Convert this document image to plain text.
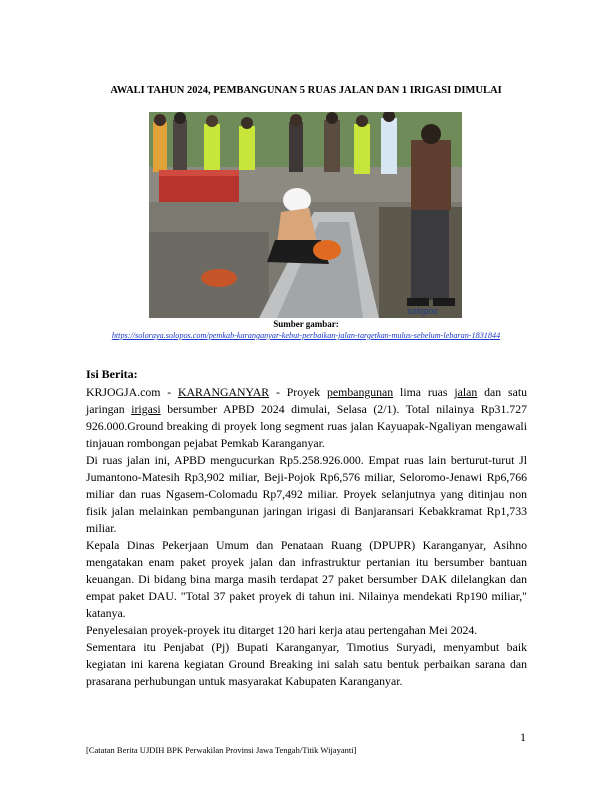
AWALI TAHUN 2024, PEMBANGUNAN 5 RUAS JALAN DAN 1 IRIGASI DIMULAI
solopos
Sumber gambar:
https://soloraya.solopos.com/pemkab-karanganyar-kebut-perbaikan-jalan-targetkan-mulus-sebelum-lebaran-1831844
Isi Berita:

KRJOGJA.com - KARANGANYAR - Proyek pembangunan lima ruas jalan dan satu jaringan irigasi bersumber APBD 2024 dimulai, Selasa (2/1). Total nilainya Rp31.727 926.000.Ground breaking di proyek long segment ruas jalan Kayuapak-Ngaliyan mengawali tinjauan rombongan pejabat Pemkab Karanganyar.

Di ruas jalan ini, APBD mengucurkan Rp5.258.926.000. Empat ruas lain berturut-turut Jl Jumantono-Matesih Rp3,902 miliar, Beji-Pojok Rp6,576 miliar, Seloromo-Jenawi Rp6,766 miliar dan ruas Ngasem-Colomadu Rp7,492 miliar. Proyek selanjutnya yang ditinjau non fisik jalan melainkan pembangunan jaringan irigasi di Banjaransari Kebakkramat Rp1,733 miliar.

Kepala Dinas Pekerjaan Umum dan Penataan Ruang (DPUPR) Karanganyar, Asihno mengatakan enam paket proyek jalan dan infrastruktur pertanian itu bersumber bantuan keuangan. Di bidang bina marga masih terdapat 27 paket bersumber DAK dilelangkan dan empat paket DAU. "Total 37 paket proyek di tahun ini. Nilainya mendekati Rp190 miliar," katanya.

Penyelesaian proyek-proyek itu ditarget 120 hari kerja atau pertengahan Mei 2024.

Sementara itu Penjabat (Pj) Bupati Karanganyar, Timotius Suryadi, menyambut baik kegiatan ini karena kegiatan Ground Breaking ini salah satu bentuk perbaikan sarana dan prasarana perhubungan untuk masyarakat Kabupaten Karanganyar.

1
[Catatan Berita UJDIH BPK Perwakilan Provinsi Jawa Tengah/Titik Wijayanti]
